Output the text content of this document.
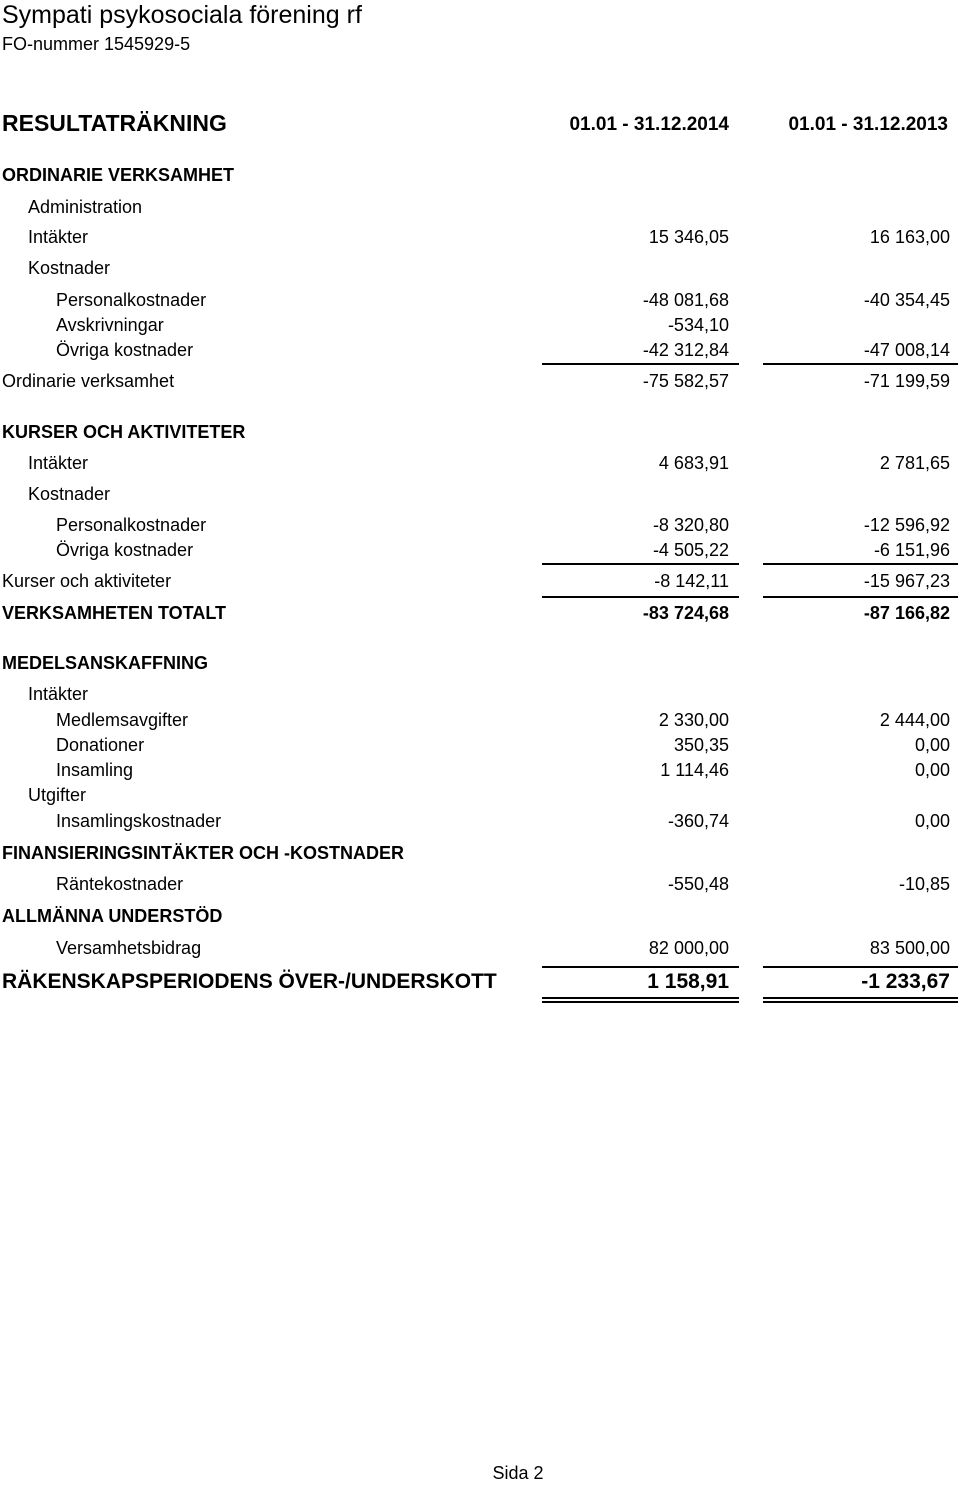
Sympati psykosociala förening rf
FO-nummer 1545929-5
RESULTATRÄKNING	01.01 - 31.12.2014	01.01 - 31.12.2013
ORDINARIE VERKSAMHET
Administration
Intäkter	15 346,05	16 163,00
Kostnader
Personalkostnader	-48 081,68	-40 354,45
Avskrivningar	-534,10
Övriga kostnader	-42 312,84	-47 008,14
Ordinarie verksamhet	-75 582,57	-71 199,59
KURSER OCH AKTIVITETER
Intäkter	4 683,91	2 781,65
Kostnader
Personalkostnader	-8 320,80	-12 596,92
Övriga kostnader	-4 505,22	-6 151,96
Kurser och aktiviteter	-8 142,11	-15 967,23
VERKSAMHETEN TOTALT	-83 724,68	-87 166,82
MEDELSANSKAFFNING
Intäkter
Medlemsavgifter	2 330,00	2 444,00
Donationer	350,35	0,00
Insamling	1 114,46	0,00
Utgifter
Insamlingskostnader	-360,74	0,00
FINANSIERINGSINTÄKTER OCH -KOSTNADER
Räntekostnader	-550,48	-10,85
ALLMÄNNA UNDERSTÖD
Versamhetsbidrag	82 000,00	83 500,00
RÄKENSKAPSPERIODENS ÖVER-/UNDERSKOTT	1 158,91	-1 233,67
Sida 2
